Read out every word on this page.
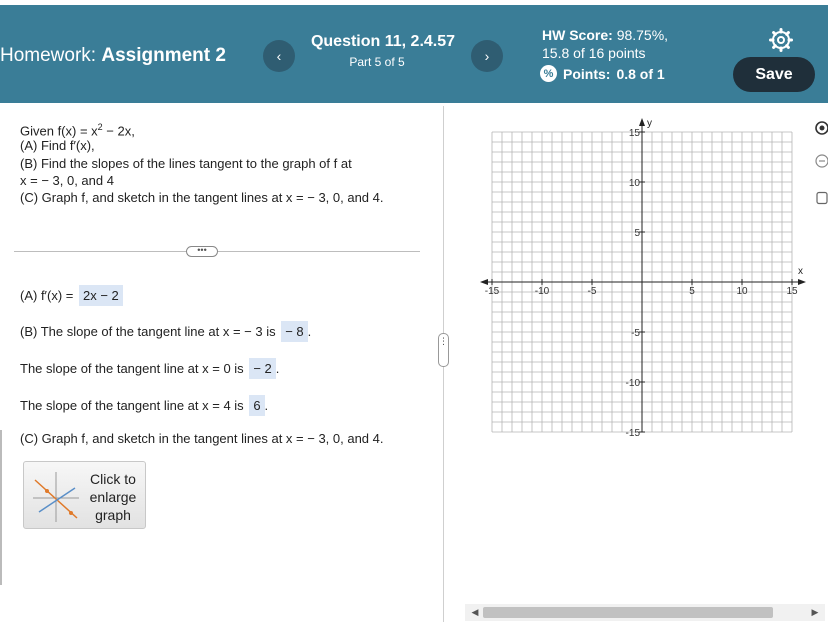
Homework: Assignment 2	‹
Question 11, 2.4.57
Part 5 of 5	›
HW Score: 98.75%,
15.8 of 16 points
% Points: 0.8 of 1	Save
Given $f(x) = x^2 - 2x$,
(A) Find f′(x),
(B) Find the slopes of the lines tangent to the graph of f at
x = − 3, 0, and 4
(C) Graph f, and sketch in the tangent lines at x = − 3, 0, and 4.
•••
(A) f′(x) = 2x − 2
(B) The slope of the tangent line at x = − 3 is − 8 .
The slope of the tangent line at x = 0 is − 2 .
The slope of the tangent line at x = 4 is 6 .
(C) Graph f, and sketch in the tangent lines at x = − 3, 0, and 4.
Click to
enlarge
graph
⋮
x
y
-15	-10	-5	5	10	15
15
10
5
-5
-10
-15
◀	▶
